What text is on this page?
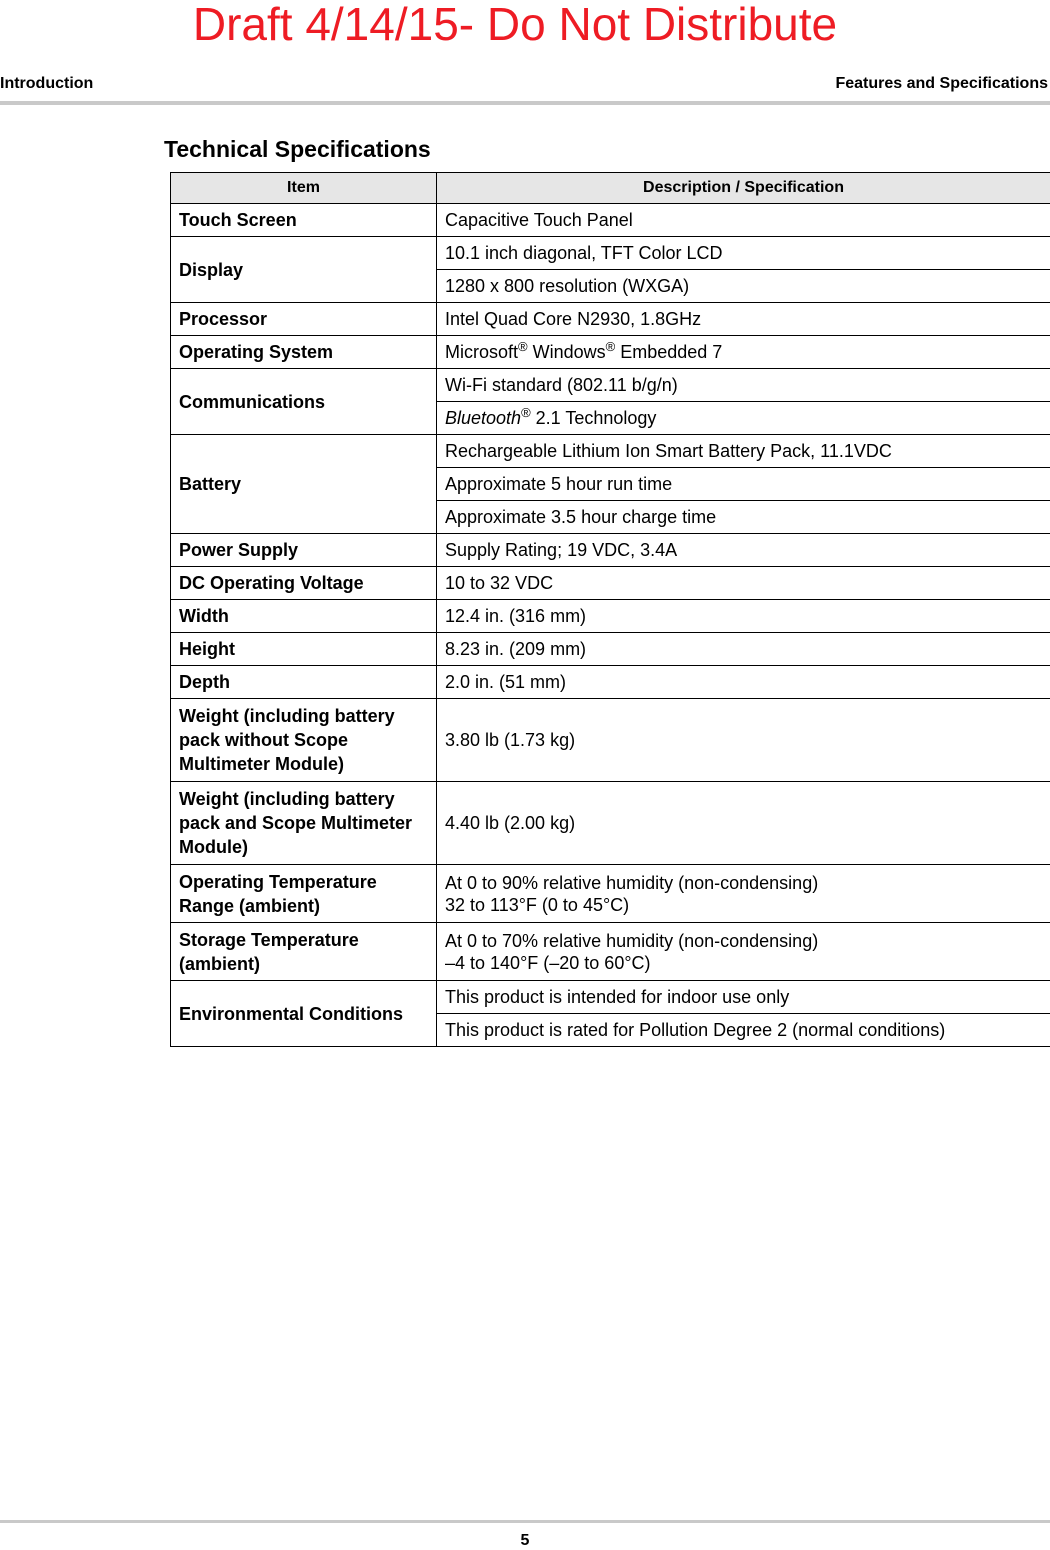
Draft 4/14/15- Do Not Distribute
Introduction	Features and Specifications
Technical Specifications
Item	Description / Specification
Touch Screen	Capacitive Touch Panel
Display	10.1 inch diagonal, TFT Color LCD
	1280 x 800 resolution (WXGA)
Processor	Intel Quad Core N2930, 1.8GHz
Operating System	Microsoft® Windows® Embedded 7
Communications	Wi-Fi standard (802.11 b/g/n)
	Bluetooth® 2.1 Technology
Battery	Rechargeable Lithium Ion Smart Battery Pack, 11.1VDC
	Approximate 5 hour run time
	Approximate 3.5 hour charge time
Power Supply	Supply Rating; 19 VDC, 3.4A
DC Operating Voltage	10 to 32 VDC
Width	12.4 in. (316 mm)
Height	8.23 in. (209 mm)
Depth	2.0 in. (51 mm)
Weight (including battery pack without Scope Multimeter Module)	3.80 lb (1.73 kg)
Weight (including battery pack and Scope Multimeter Module)	4.40 lb (2.00 kg)
Operating Temperature Range (ambient)	At 0 to 90% relative humidity (non-condensing)
32 to 113°F (0 to 45°C)

Storage Temperature (ambient)	At 0 to 70% relative humidity (non-condensing)
–4 to 140°F (–20 to 60°C)

Environmental Conditions	This product is intended for indoor use only
	This product is rated for Pollution Degree 2 (normal conditions)
5
